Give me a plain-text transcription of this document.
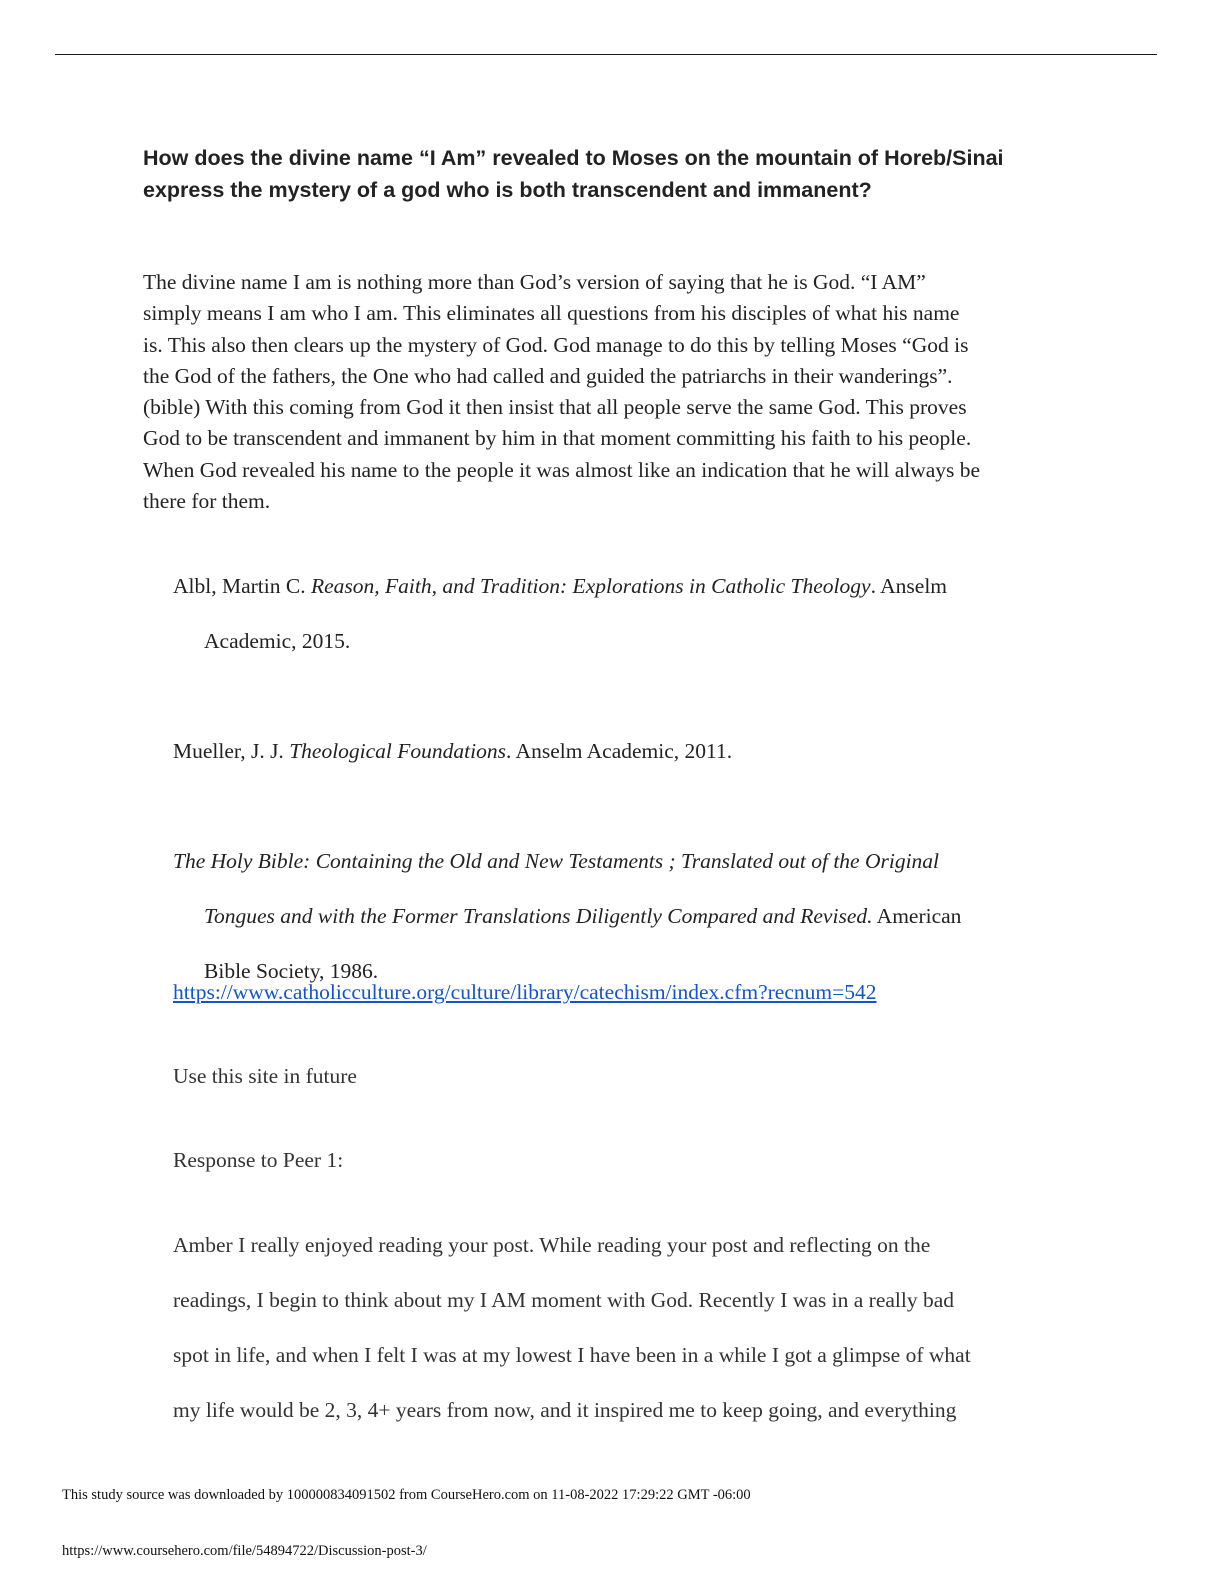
How does the divine name “I Am” revealed to Moses on the mountain of Horeb/Sinai express the mystery of a god who is both transcendent and immanent?
The divine name I am is nothing more than God’s version of saying that he is God. “I AM”
simply means I am who I am. This eliminates all questions from his disciples of what his name
is. This also then clears up the mystery of God. God manage to do this by telling Moses “God is
the God of the fathers, the One who had called and guided the patriarchs in their wanderings”.
(bible) With this coming from God it then insist that all people serve the same God. This proves
God to be transcendent and immanent by him in that moment committing his faith to his people.
When God revealed his name to the people it was almost like an indication that he will always be
there for them.
Albl, Martin C. Reason, Faith, and Tradition: Explorations in Catholic Theology. Anselm
Academic, 2015.
Mueller, J. J. Theological Foundations. Anselm Academic, 2011.
The Holy Bible: Containing the Old and New Testaments ; Translated out of the Original
Tongues and with the Former Translations Diligently Compared and Revised. American
Bible Society, 1986.
https://www.catholicculture.org/culture/library/catechism/index.cfm?recnum=542
Use this site in future
Response to Peer 1:
Amber I really enjoyed reading your post. While reading your post and reflecting on the
readings, I begin to think about my I AM moment with God. Recently I was in a really bad
spot in life, and when I felt I was at my lowest I have been in a while I got a glimpse of what
my life would be 2, 3, 4+ years from now, and it inspired me to keep going, and everything
This study source was downloaded by 100000834091502 from CourseHero.com on 11-08-2022 17:29:22 GMT -06:00
https://www.coursehero.com/file/54894722/Discussion-post-3/
